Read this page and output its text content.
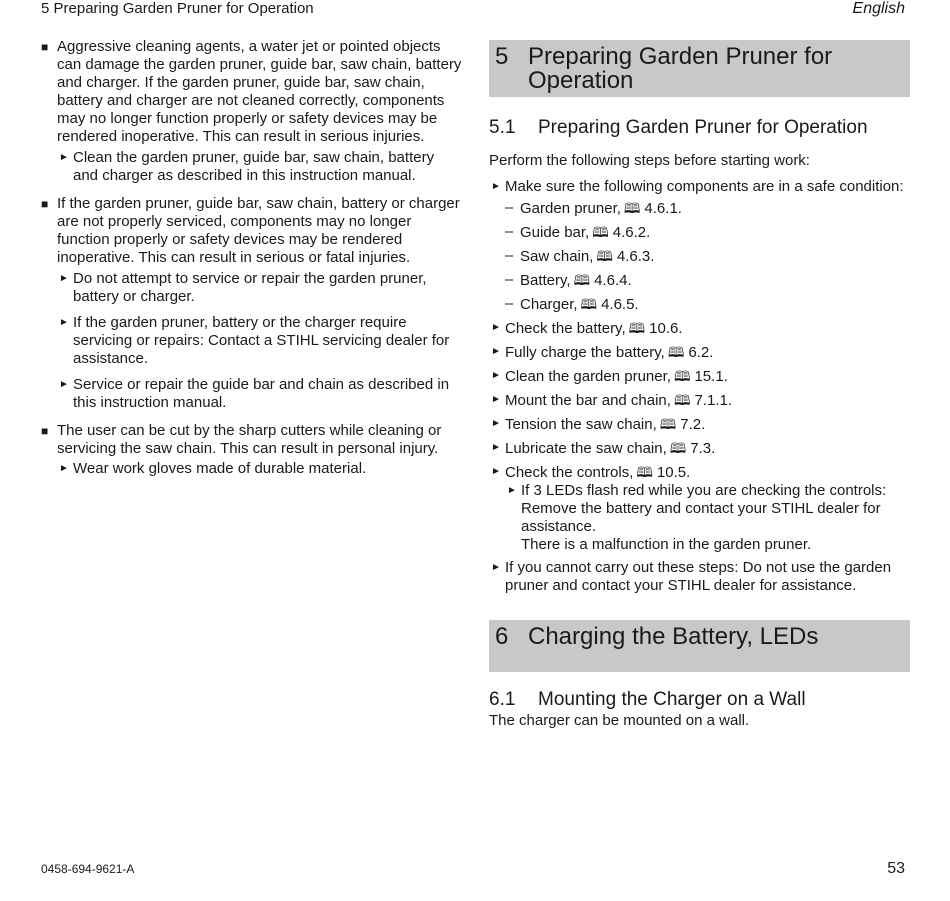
5 Preparing Garden Pruner for Operation	English
■ Aggressive cleaning agents, a water jet or pointed objects can damage the garden pruner, guide bar, saw chain, battery and charger. If the garden pruner, guide bar, saw chain, battery and charger are not cleaned correctly, components may no longer function properly or safety devices may be rendered inoperative. This can result in serious injuries.
► Clean the garden pruner, guide bar, saw chain, battery and charger as described in this instruction manual.
■ If the garden pruner, guide bar, saw chain, battery or charger are not properly serviced, components may no longer function properly or safety devices may be rendered inoperative. This can result in serious or fatal injuries.
► Do not attempt to service or repair the garden pruner, battery or charger.
► If the garden pruner, battery or the charger require servicing or repairs: Contact a STIHL servicing dealer for assistance.
► Service or repair the guide bar and chain as described in this instruction manual.
■ The user can be cut by the sharp cutters while cleaning or servicing the saw chain. This can result in personal injury.
► Wear work gloves made of durable material.
5 Preparing Garden Pruner for Operation
5.1 Preparing Garden Pruner for Operation
Perform the following steps before starting work:
► Make sure the following components are in a safe condition:
– Garden pruner, 🕮 4.6.1.
– Guide bar, 🕮 4.6.2.
– Saw chain, 🕮 4.6.3.
– Battery, 🕮 4.6.4.
– Charger, 🕮 4.6.5.
► Check the battery, 🕮 10.6.
► Fully charge the battery, 🕮 6.2.
► Clean the garden pruner, 🕮 15.1.
► Mount the bar and chain, 🕮 7.1.1.
► Tension the saw chain, 🕮 7.2.
► Lubricate the saw chain, 🕮 7.3.
► Check the controls, 🕮 10.5.
► If 3 LEDs flash red while you are checking the controls: Remove the battery and contact your STIHL dealer for assistance.
There is a malfunction in the garden pruner.
► If you cannot carry out these steps: Do not use the garden pruner and contact your STIHL dealer for assistance.
6 Charging the Battery, LEDs
6.1 Mounting the Charger on a Wall
The charger can be mounted on a wall.
0458-694-9621-A	53
